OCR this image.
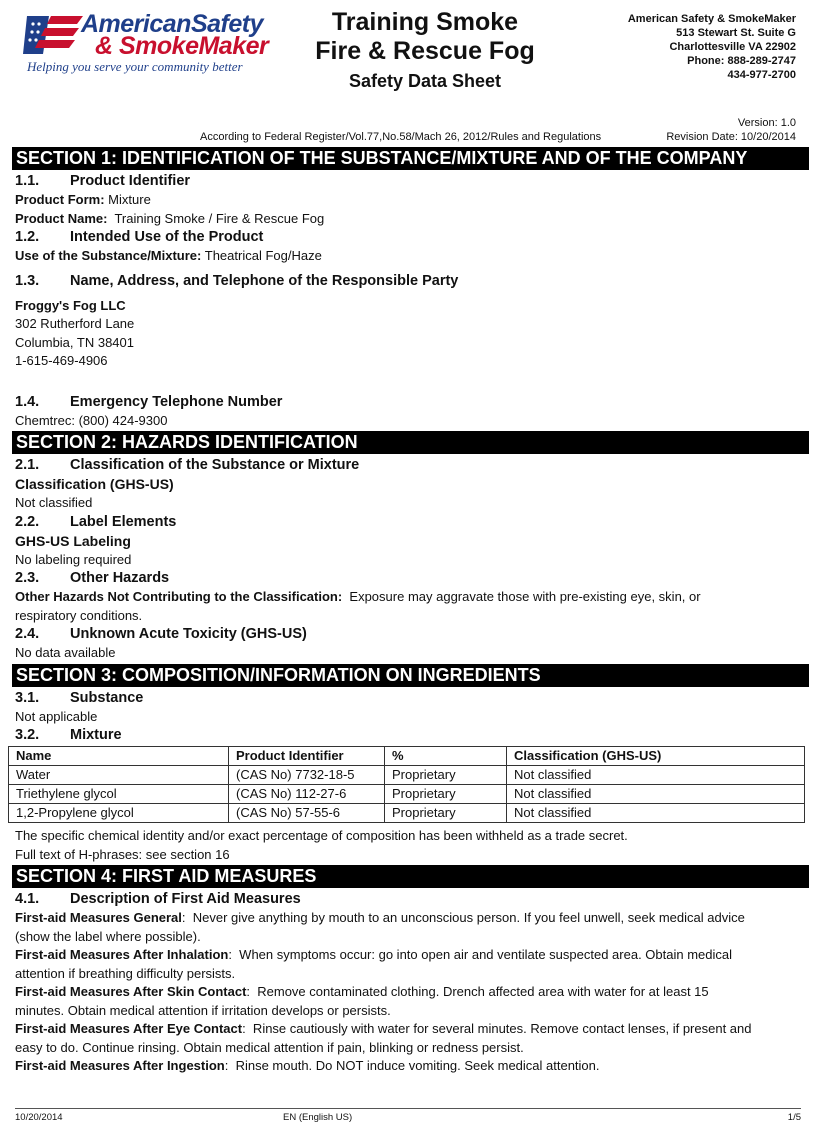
AmericanSafety
& SmokeMaker
Helping you serve your community better
Training Smoke
Fire & Rescue Fog
Safety Data Sheet
American Safety & SmokeMaker
513 Stewart St. Suite G
Charlottesville VA 22902
Phone: 888-289-2747
434-977-2700
According to Federal Register/Vol.77,No.58/Mach 26, 2012/Rules and Regulations
Version: 1.0
Revision Date: 10/20/2014
SECTION 1: IDENTIFICATION OF THE SUBSTANCE/MIXTURE AND OF THE COMPANY
1.1.	Product Identifier
Product Form: Mixture
Product Name:  Training Smoke / Fire & Rescue Fog
1.2.	Intended Use of the Product
Use of the Substance/Mixture: Theatrical Fog/Haze
1.3.	Name, Address, and Telephone of the Responsible Party
Froggy's Fog LLC
302 Rutherford Lane
Columbia, TN 38401
1-615-469-4906
1.4.	Emergency Telephone Number
Chemtrec: (800) 424-9300
SECTION 2: HAZARDS IDENTIFICATION
2.1.	Classification of the Substance or Mixture
Classification (GHS-US)
Not classified
2.2.	Label Elements
GHS-US Labeling
No labeling required
2.3.	Other Hazards
Other Hazards Not Contributing to the Classification:  Exposure may aggravate those with pre-existing eye, skin, or
respiratory conditions.
2.4.	Unknown Acute Toxicity (GHS-US)
No data available
SECTION 3: COMPOSITION/INFORMATION ON INGREDIENTS
3.1.	Substance
Not applicable
3.2.	Mixture
Name	Product Identifier	%	Classification (GHS-US)
Water	(CAS No) 7732-18-5	Proprietary	Not classified
Triethylene glycol	(CAS No) 112-27-6	Proprietary	Not classified
1,2-Propylene glycol	(CAS No) 57-55-6	Proprietary	Not classified
The specific chemical identity and/or exact percentage of composition has been withheld as a trade secret.
Full text of H-phrases: see section 16
SECTION 4: FIRST AID MEASURES
4.1.	Description of First Aid Measures
First-aid Measures General:  Never give anything by mouth to an unconscious person. If you feel unwell, seek medical advice
(show the label where possible).
First-aid Measures After Inhalation:  When symptoms occur: go into open air and ventilate suspected area. Obtain medical
attention if breathing difficulty persists.
First-aid Measures After Skin Contact:  Remove contaminated clothing. Drench affected area with water for at least 15
minutes. Obtain medical attention if irritation develops or persists.
First-aid Measures After Eye Contact:  Rinse cautiously with water for several minutes. Remove contact lenses, if present and
easy to do. Continue rinsing. Obtain medical attention if pain, blinking or redness persist.
First-aid Measures After Ingestion:  Rinse mouth. Do NOT induce vomiting. Seek medical attention.
10/20/2014	EN (English US)	1/5
